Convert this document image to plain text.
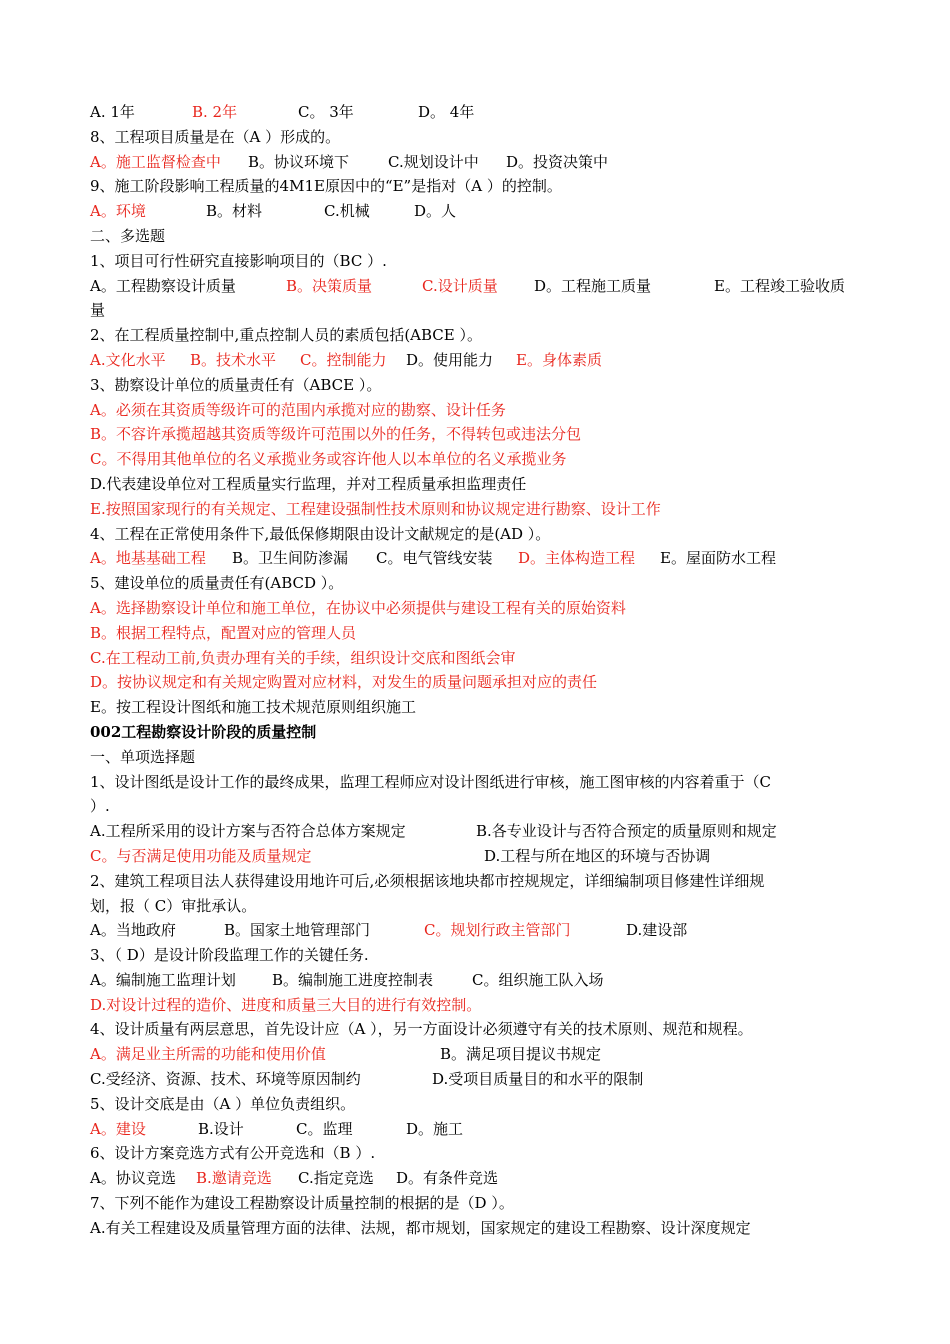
A. 1年	B. 2年	C。 3年	D。 4年
8、工程项目质量是在（A ）形成的。
A。施工监督检查中 B。协议环境下	C.规划设计中 D。投资决策中
9、施工阶段影响工程质量的4M1E原因中的“E”是指对（A ）的控制。
A。环境	B。材料	C.机械	D。人
二、多选题
1、项目可行性研究直接影响项目的（BC ）.
A。工程勘察设计质量	B。决策质量	C.设计质量 D。工程施工质量	E。工程竣工验收质
量
2、在工程质量控制中,重点控制人员的素质包括(ABCE ）。
A.文化水平 B。技术水平 C。控制能力 D。使用能力 E。身体素质
3、勘察设计单位的质量责任有（ABCE ）。
A。必须在其资质等级许可的范围内承揽对应的勘察、设计任务
B。不容许承揽超越其资质等级许可范围以外的任务，不得转包或违法分包
C。不得用其他单位的名义承揽业务或容许他人以本单位的名义承揽业务
D.代表建设单位对工程质量实行监理，并对工程质量承担监理责任
E.按照国家现行的有关规定、工程建设强制性技术原则和协议规定进行勘察、设计工作
4、工程在正常使用条件下,最低保修期限由设计文献规定的是(AD ）。
A。地基基础工程 B。卫生间防渗漏 C。电气管线安装 D。主体构造工程 E。屋面防水工程
5、建设单位的质量责任有(ABCD ）。
A。选择勘察设计单位和施工单位，在协议中必须提供与建设工程有关的原始资料
B。根据工程特点，配置对应的管理人员
C.在工程动工前,负责办理有关的手续，组织设计交底和图纸会审
D。按协议规定和有关规定购置对应材料，对发生的质量问题承担对应的责任
E。按工程设计图纸和施工技术规范原则组织施工
002工程勘察设计阶段的质量控制
一、单项选择题
1、设计图纸是设计工作的最终成果，监理工程师应对设计图纸进行审核，施工图审核的内容着重于（C
）.
A.工程所采用的设计方案与否符合总体方案规定	B.各专业设计与否符合预定的质量原则和规定
C。与否满足使用功能及质量规定	D.工程与所在地区的环境与否协调
2、建筑工程项目法人获得建设用地许可后,必须根据该地块都市控规规定，详细编制项目修建性详细规
划，报（ C）审批承认。
A。当地政府	B。国家土地管理部门	C。规划行政主管部门	D.建设部
3、（ D）是设计阶段监理工作的关键任务.
A。编制施工监理计划 B。编制施工进度控制表	C。组织施工队入场
D.对设计过程的造价、进度和质量三大目的进行有效控制。
4、设计质量有两层意思，首先设计应（A ），另一方面设计必须遵守有关的技术原则、规范和规程。
A。满足业主所需的功能和使用价值	B。满足项目提议书规定
C.受经济、资源、技术、环境等原因制约	D.受项目质量目的和水平的限制
5、设计交底是由（A ）单位负责组织。
A。建设	B.设计	C。监理	D。施工
6、设计方案竞选方式有公开竞选和（B ）.
A。协议竞选 B.邀请竞选 C.指定竞选 D。有条件竞选
7、下列不能作为建设工程勘察设计质量控制的根据的是（D ）。
A.有关工程建设及质量管理方面的法律、法规，都市规划，国家规定的建设工程勘察、设计深度规定
